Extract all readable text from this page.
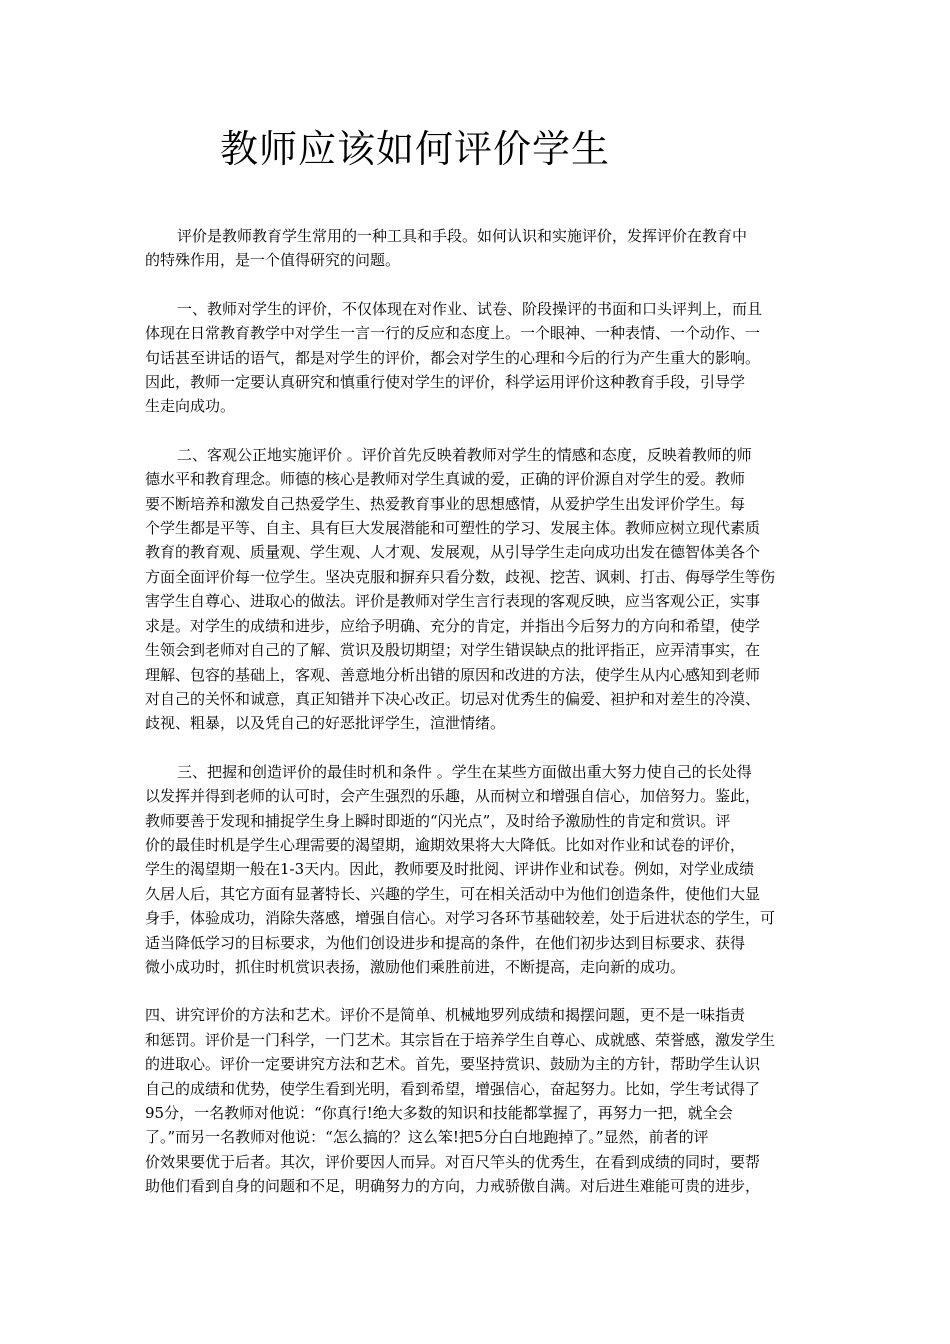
教师应该如何评价学生

评价是教师教育学生常用的一种工具和手段。如何认识和实施评价，发挥评价在教育中
的特殊作用，是一个值得研究的问题。

一、教师对学生的评价，不仅体现在对作业、试卷、阶段操评的书面和口头评判上，而且
体现在日常教育教学中对学生一言一行的反应和态度上。一个眼神、一种表情、一个动作、一
句话甚至讲话的语气，都是对学生的评价，都会对学生的心理和今后的行为产生重大的影响。
因此，教师一定要认真研究和慎重行使对学生的评价，科学运用评价这种教育手段，引导学
生走向成功。

二、客观公正地实施评价 。评价首先反映着教师对学生的情感和态度，反映着教师的师
德水平和教育理念。师德的核心是教师对学生真诚的爱，正确的评价源自对学生的爱。教师
要不断培养和激发自己热爱学生、热爱教育事业的思想感情，从爱护学生出发评价学生。每
个学生都是平等、自主、具有巨大发展潜能和可塑性的学习、发展主体。教师应树立现代素质
教育的教育观、质量观、学生观、人才观、发展观，从引导学生走向成功出发在德智体美各个
方面全面评价每一位学生。坚决克服和摒弃只看分数，歧视、挖苦、讽刺、打击、侮辱学生等伤
害学生自尊心、进取心的做法。评价是教师对学生言行表现的客观反映，应当客观公正，实事
求是。对学生的成绩和进步，应给予明确、充分的肯定，并指出今后努力的方向和希望，使学
生领会到老师对自己的了解、赏识及殷切期望；对学生错误缺点的批评指正，应弄清事实，在
理解、包容的基础上，客观、善意地分析出错的原因和改进的方法，使学生从内心感知到老师
对自己的关怀和诚意，真正知错并下决心改正。切忌对优秀生的偏爱、袒护和对差生的冷漠、
歧视、粗暴，以及凭自己的好恶批评学生，渲泄情绪。

三、把握和创造评价的最佳时机和条件 。学生在某些方面做出重大努力使自己的长处得
以发挥并得到老师的认可时，会产生强烈的乐趣，从而树立和增强自信心，加倍努力。鉴此，
教师要善于发现和捕捉学生身上瞬时即逝的“闪光点”，及时给予激励性的肯定和赏识。评
价的最佳时机是学生心理需要的渴望期，逾期效果将大大降低。比如对作业和试卷的评价，
学生的渴望期一般在1-3天内。因此，教师要及时批阅、评讲作业和试卷。例如，对学业成绩
久居人后，其它方面有显著特长、兴趣的学生，可在相关活动中为他们创造条件，使他们大显
身手，体验成功，消除失落感，增强自信心。对学习各环节基础较差，处于后进状态的学生，可
适当降低学习的目标要求，为他们创设进步和提高的条件，在他们初步达到目标要求、获得
微小成功时，抓住时机赏识表扬，激励他们乘胜前进，不断提高，走向新的成功。

四、讲究评价的方法和艺术。评价不是简单、机械地罗列成绩和揭摆问题，更不是一味指责
和惩罚。评价是一门科学，一门艺术。其宗旨在于培养学生自尊心、成就感、荣誉感，激发学生
的进取心。评价一定要讲究方法和艺术。首先，要坚持赏识、鼓励为主的方针，帮助学生认识
自己的成绩和优势，使学生看到光明，看到希望，增强信心，奋起努力。比如，学生考试得了
95分，一名教师对他说：“你真行!绝大多数的知识和技能都掌握了，再努力一把，就全会
了。”而另一名教师对他说：“怎么搞的？这么笨!把5分白白地跑掉了。”显然，前者的评
价效果要优于后者。其次，评价要因人而异。对百尺竿头的优秀生，在看到成绩的同时，要帮
助他们看到自身的问题和不足，明确努力的方向，力戒骄傲自满。对后进生难能可贵的进步，
